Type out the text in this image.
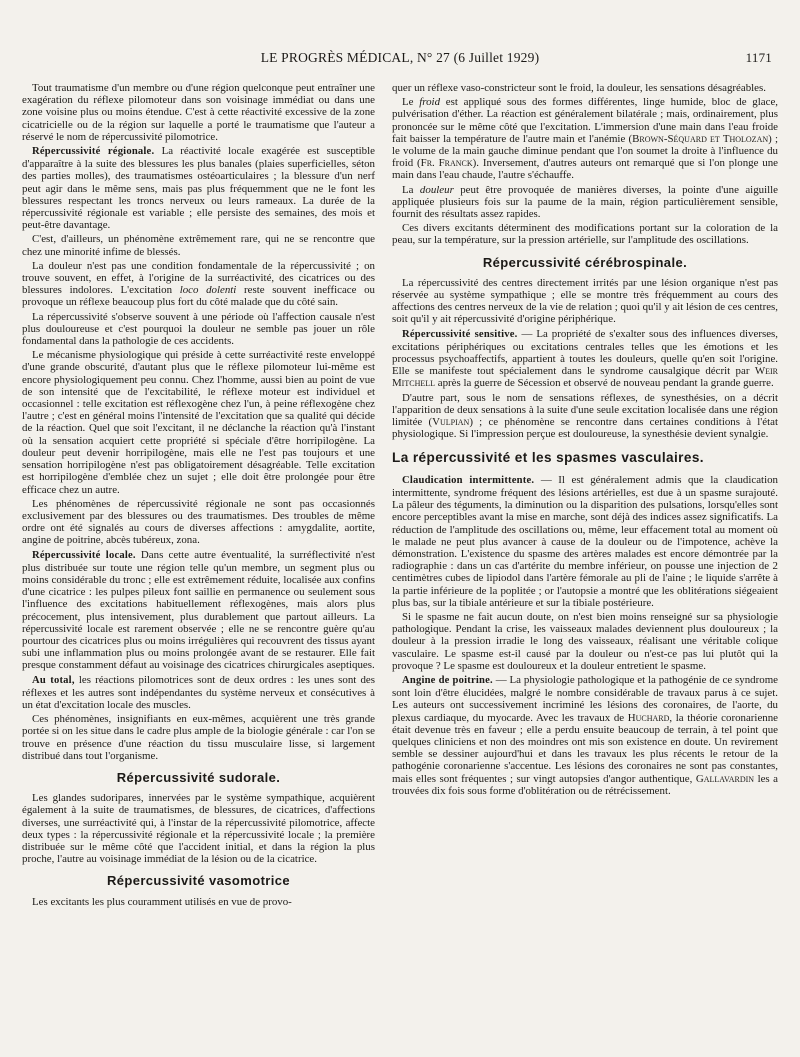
LE PROGRÈS MÉDICAL, N° 27 (6 Juillet 1929)	1171

Tout traumatisme d'un membre ou d'une région quelconque peut entraîner une exagération du réflexe pilomoteur dans son voisinage immédiat ou dans une zone voisine plus ou moins étendue. C'est à cette réactivité excessive de la zone cicatricielle ou de la région sur laquelle a porté le traumatisme que l'auteur a réservé le nom de répercussivité pilomotrice.

Répercussivité régionale. La réactivité locale exagérée est susceptible d'apparaître à la suite des blessures les plus banales (plaies superficielles, séton des parties molles), des traumatismes ostéoarticulaires ; la blessure d'un nerf peut agir dans le même sens, mais pas plus fréquemment que ne le font les blessures respectant les troncs nerveux ou leurs rameaux. La durée de la répercussivité régionale est variable ; elle persiste des semaines, des mois et peut-être davantage.

C'est, d'ailleurs, un phénomène extrêmement rare, qui ne se rencontre que chez une minorité infime de blessés.

La douleur n'est pas une condition fondamentale de la répercussivité ; on trouve souvent, en effet, à l'origine de la surréactivité, des cicatrices ou des blessures indolores. L'excitation loco dolenti reste souvent inefficace ou provoque un réflexe beaucoup plus fort du côté malade que du côté sain.

La répercussivité s'observe souvent à une période où l'affection causale n'est plus douloureuse et c'est pourquoi la douleur ne semble pas jouer un rôle fondamental dans la pathologie de ces accidents.

Le mécanisme physiologique qui préside à cette surréactivité reste enveloppé d'une grande obscurité, d'autant plus que le réflexe pilomoteur lui-même est encore physiologiquement peu connu. Chez l'homme, aussi bien au point de vue de son intensité que de l'excitabilité, le réflexe moteur est individuel et occasionnel : telle excitation est réflexogène chez l'un, à peine réflexogène chez l'autre ; c'est en général moins l'intensité de l'excitation que sa qualité qui décide de la réaction. Quel que soit l'excitant, il ne déclanche la réaction qu'à l'instant où la sensation acquiert cette propriété si spéciale d'être horripilogène. La douleur peut devenir horripilogène, mais elle ne l'est pas toujours et une sensation horripilogène n'est pas obligatoirement désagréable. Telle excitation est horripilogène d'emblée chez un sujet ; elle doit être prolongée pour être efficace chez un autre.

Les phénomènes de répercussivité régionale ne sont pas occasionnés exclusivement par des blessures ou des traumatismes. Des troubles de même ordre ont été signalés au cours de diverses affections : amygdalite, aortite, angine de poitrine, abcès tubéreux, zona.

Répercussivité locale. Dans cette autre éventualité, la surréflectivité n'est plus distribuée sur toute une région telle qu'un membre, un segment plus ou moins considérable du tronc ; elle est extrêmement réduite, localisée aux confins d'une cicatrice : les pulpes pileux font saillie en permanence ou seulement sous l'influence des excitations habituellement réflexogènes, mais alors plus précocement, plus intensivement, plus durablement que partout ailleurs. La répercussivité locale est rarement observée ; elle ne se rencontre guère qu'au pourtour des cicatrices plus ou moins irrégulières qui recouvrent des tissus ayant subi une inflammation plus ou moins prolongée avant de se restaurer. Elle fait presque constamment défaut au voisinage des cicatrices chirurgicales aseptiques.

Au total, les réactions pilomotrices sont de deux ordres : les unes sont des réflexes et les autres sont indépendantes du système nerveux et consécutives à un état d'excitation locale des muscles.

Ces phénomènes, insignifiants en eux-mêmes, acquièrent une très grande portée si on les situe dans le cadre plus ample de la biologie générale : car l'on se trouve en présence d'une réaction du tissu musculaire lisse, si largement distribué dans tout l'organisme.

Répercussivité sudorale.

Les glandes sudoripares, innervées par le système sympathique, acquièrent également à la suite de traumatismes, de blessures, de cicatrices, d'affections diverses, une surréactivité qui, à l'instar de la répercussivité pilomotrice, affecte deux types : la répercussivité régionale et la répercussivité locale ; la première distribuée sur le même côté que l'accident initial, et dans la région la plus proche, l'autre au voisinage immédiat de la lésion ou de la cicatrice.

Répercussivité vasomotrice

Les excitants les plus couramment utilisés en vue de provo-

quer un réflexe vaso-constricteur sont le froid, la douleur, les sensations désagréables.

Le froid est appliqué sous des formes différentes, linge humide, bloc de glace, pulvérisation d'éther. La réaction est généralement bilatérale ; mais, ordinairement, plus prononcée sur le même côté que l'excitation. L'immersion d'une main dans l'eau froide fait baisser la température de l'autre main et l'anémie (Brown-Séquard et Tholozan) ; le volume de la main gauche diminue pendant que l'on soumet la droite à l'influence du froid (Fr. Franck). Inversement, d'autres auteurs ont remarqué que si l'on plonge une main dans l'eau chaude, l'autre s'échauffe.

La douleur peut être provoquée de manières diverses, la pointe d'une aiguille appliquée plusieurs fois sur la paume de la main, région particulièrement sensible, fournit des résultats assez rapides.

Ces divers excitants déterminent des modifications portant sur la coloration de la peau, sur la température, sur la pression artérielle, sur l'amplitude des oscillations.

Répercussivité cérébrospinale.

La répercussivité des centres directement irrités par une lésion organique n'est pas réservée au système sympathique ; elle se montre très fréquemment au cours des affections des centres nerveux de la vie de relation ; quoi qu'il y ait lésion de ces centres, soit qu'il y ait répercussivité d'origine périphérique.

Répercussivité sensitive. — La propriété de s'exalter sous des influences diverses, excitations périphériques ou excitations centrales telles que les émotions et les processus psychoaffectifs, appartient à toutes les douleurs, quelle qu'en soit l'origine. Elle se manifeste tout spécialement dans le syndrome causalgique décrit par Weir Mitchell après la guerre de Sécession et observé de nouveau pendant la grande guerre.

D'autre part, sous le nom de sensations réflexes, de synesthésies, on a décrit l'apparition de deux sensations à la suite d'une seule excitation localisée dans une région limitée (Vulpian) ; ce phénomène se rencontre dans certaines conditions à l'état physiologique. Si l'impression perçue est douloureuse, la synesthésie devient synalgie.

La répercussivité et les spasmes vasculaires.

Claudication intermittente. — Il est généralement admis que la claudication intermittente, syndrome fréquent des lésions artérielles, est due à un spasme surajouté. La pâleur des téguments, la diminution ou la disparition des pulsations, lorsqu'elles sont encore perceptibles avant la mise en marche, sont déjà des indices assez significatifs. La réduction de l'amplitude des oscillations ou, même, leur effacement total au moment où le malade ne peut plus avancer à cause de la douleur ou de l'impotence, achève la démonstration. L'existence du spasme des artères malades est encore démontrée par la radiographie : dans un cas d'artérite du membre inférieur, on pousse une injection de 2 centimètres cubes de lipiodol dans l'artère fémorale au pli de l'aine ; le liquide s'arrête à la partie inférieure de la poplitée ; or l'autopsie a montré que les oblitérations siégeaient plus bas, sur la tibiale antérieure et sur la tibiale postérieure.

Si le spasme ne fait aucun doute, on n'est bien moins renseigné sur sa physiologie pathologique. Pendant la crise, les vaisseaux malades deviennent plus douloureux ; la douleur à la pression irradie le long des vaisseaux, réalisant une véritable colique vasculaire. Le spasme est-il causé par la douleur ou n'est-ce pas lui plutôt qui la provoque ? Le spasme est douloureux et la douleur entretient le spasme.

Angine de poitrine. — La physiologie pathologique et la pathogénie de ce syndrome sont loin d'être élucidées, malgré le nombre considérable de travaux parus à ce sujet. Les auteurs ont successivement incriminé les lésions des coronaires, de l'aorte, du plexus cardiaque, du myocarde. Avec les travaux de Huchard, la théorie coronarienne était devenue très en faveur ; elle a perdu ensuite beaucoup de terrain, à tel point que quelques cliniciens et non des moindres ont mis son existence en doute. Un revirement semble se dessiner aujourd'hui et dans les travaux les plus récents le retour de la pathogénie coronarienne s'accentue. Les lésions des coronaires ne sont pas constantes, mais elles sont fréquentes ; sur vingt autopsies d'angor authentique, Gallavardin les a trouvées dix fois sous forme d'oblitération ou de rétrécissement.
